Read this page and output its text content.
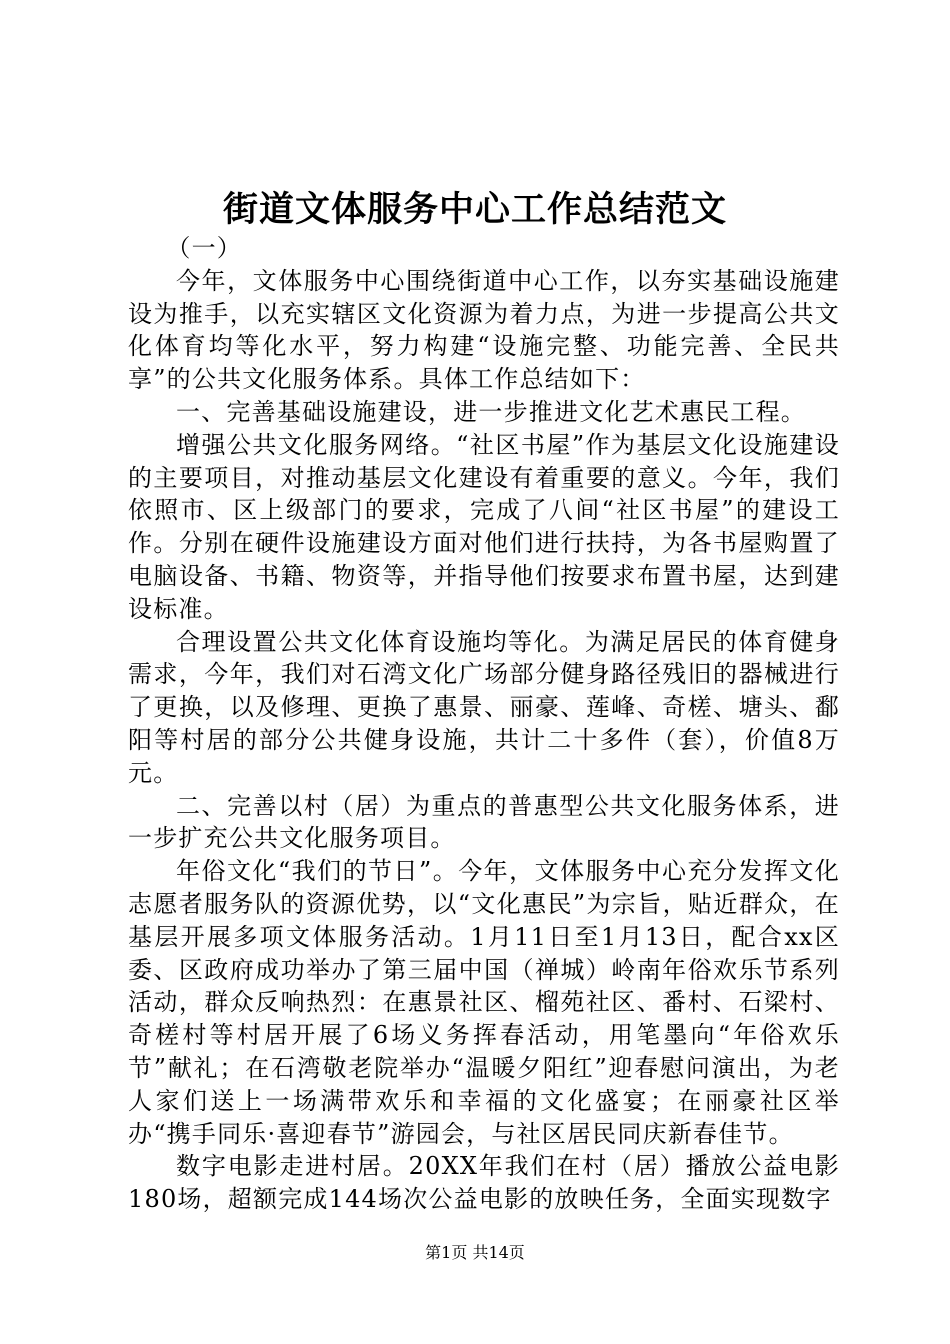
街道文体服务中心工作总结范文

（一）

今年，文体服务中心围绕街道中心工作，以夯实基础设施建设为推手，以充实辖区文化资源为着力点，为进一步提高公共文化体育均等化水平，努力构建“设施完整、功能完善、全民共享”的公共文化服务体系。具体工作总结如下：

一、完善基础设施建设，进一步推进文化艺术惠民工程。

增强公共文化服务网络。“社区书屋”作为基层文化设施建设的主要项目，对推动基层文化建设有着重要的意义。今年，我们依照市、区上级部门的要求，完成了八间“社区书屋”的建设工作。分别在硬件设施建设方面对他们进行扶持，为各书屋购置了电脑设备、书籍、物资等，并指导他们按要求布置书屋，达到建设标准。

合理设置公共文化体育设施均等化。为满足居民的体育健身需求，今年，我们对石湾文化广场部分健身路径残旧的器械进行了更换，以及修理、更换了惠景、丽豪、莲峰、奇槎、塘头、鄱阳等村居的部分公共健身设施，共计二十多件（套），价值8万元。

二、完善以村（居）为重点的普惠型公共文化服务体系，进一步扩充公共文化服务项目。

年俗文化“我们的节日”。今年，文体服务中心充分发挥文化志愿者服务队的资源优势，以“文化惠民”为宗旨，贴近群众，在基层开展多项文体服务活动。1月11日至1月13日，配合xx区委、区政府成功举办了第三届中国（禅城）岭南年俗欢乐节系列活动，群众反响热烈：在惠景社区、榴苑社区、番村、石梁村、奇槎村等村居开展了6场义务挥春活动，用笔墨向“年俗欢乐节”献礼；在石湾敬老院举办“温暖夕阳红”迎春慰问演出，为老人家们送上一场满带欢乐和幸福的文化盛宴；在丽豪社区举办“携手同乐·喜迎春节”游园会，与社区居民同庆新春佳节。

数字电影走进村居。20XX年我们在村（居）播放公益电影180场，超额完成144场次公益电影的放映任务，全面实现数字

第1页 共14页
